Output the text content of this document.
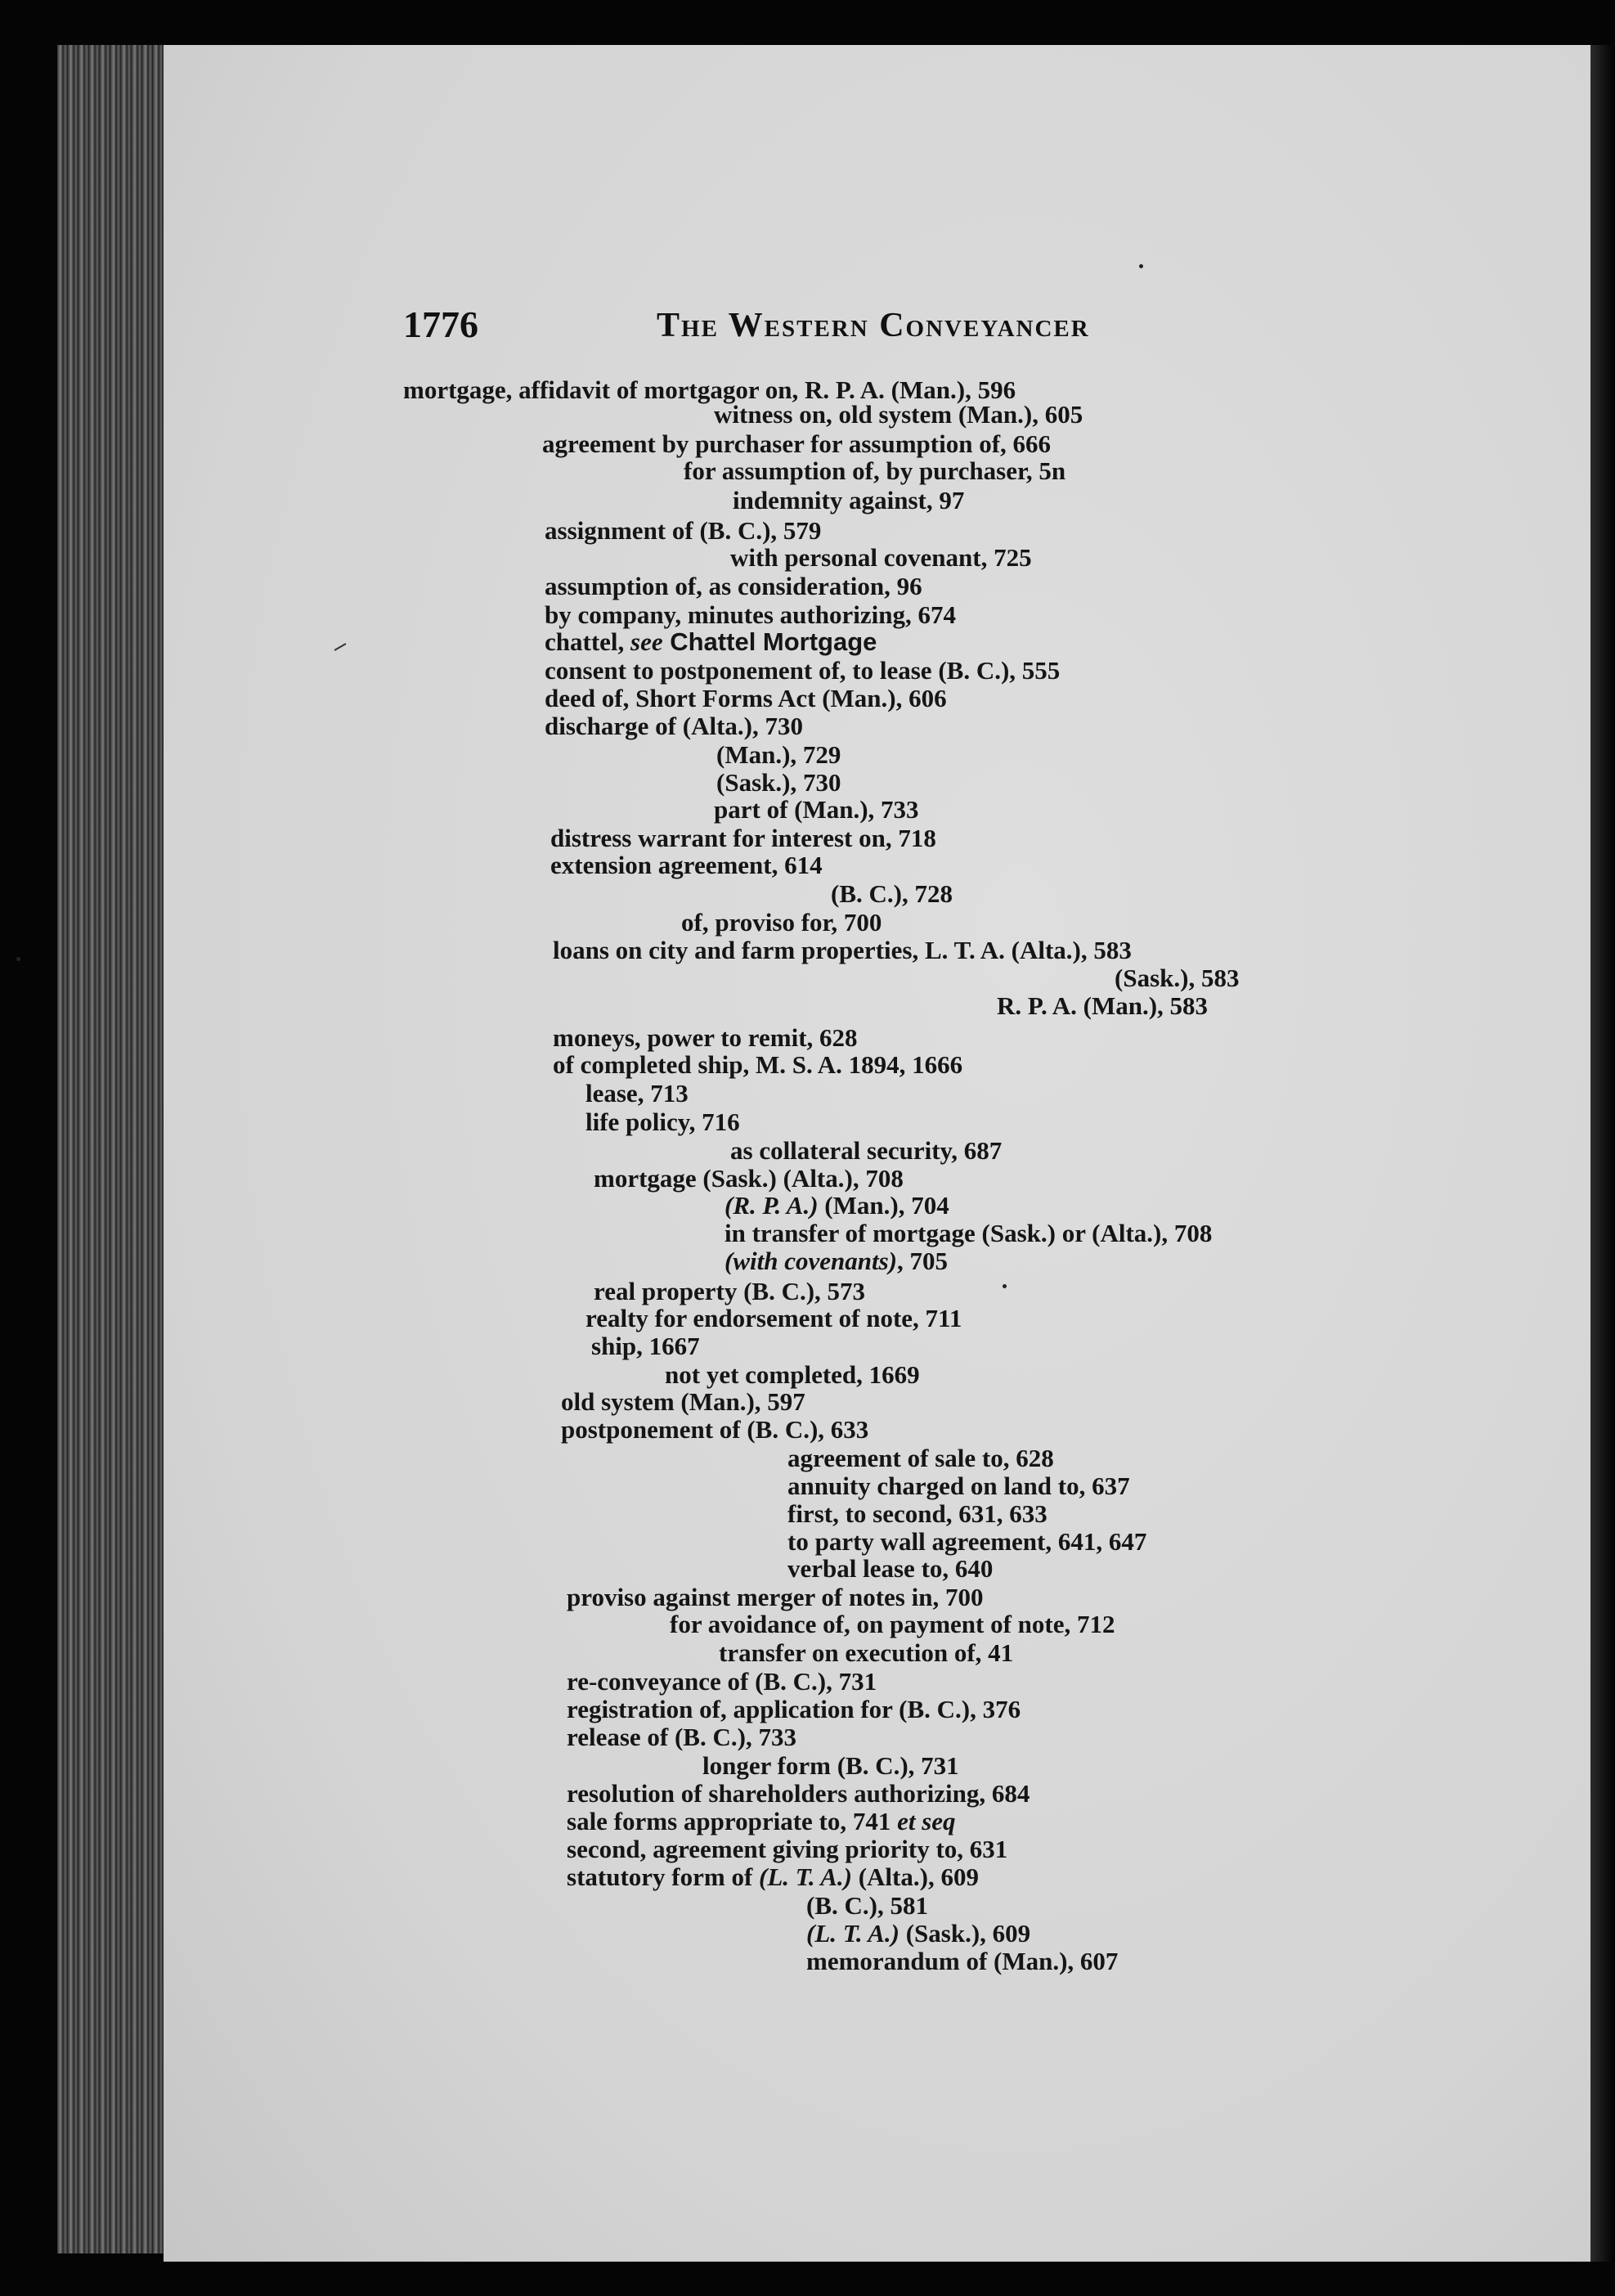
1776	The Western Conveyancer
mortgage, affidavit of mortgagor on, R. P. A. (Man.), 596
witness on, old system (Man.), 605
agreement by purchaser for assumption of, 666
for assumption of, by purchaser, 5n
indemnity against, 97
assignment of (B. C.), 579
with personal covenant, 725
assumption of, as consideration, 96
by company, minutes authorizing, 674
chattel, see Chattel Mortgage
consent to postponement of, to lease (B. C.), 555
deed of, Short Forms Act (Man.), 606
discharge of (Alta.), 730
(Man.), 729
(Sask.), 730
part of (Man.), 733
distress warrant for interest on, 718
extension agreement, 614
(B. C.), 728
of, proviso for, 700
loans on city and farm properties, L. T. A. (Alta.), 583
(Sask.), 583
R. P. A. (Man.), 583
moneys, power to remit, 628
of completed ship, M. S. A. 1894, 1666
lease, 713
life policy, 716
as collateral security, 687
mortgage (Sask.) (Alta.), 708
(R. P. A.) (Man.), 704
in transfer of mortgage (Sask.) or (Alta.), 708
(with covenants), 705
real property (B. C.), 573
realty for endorsement of note, 711
ship, 1667
not yet completed, 1669
old system (Man.), 597
postponement of (B. C.), 633
agreement of sale to, 628
annuity charged on land to, 637
first, to second, 631, 633
to party wall agreement, 641, 647
verbal lease to, 640
proviso against merger of notes in, 700
for avoidance of, on payment of note, 712
transfer on execution of, 41
re-conveyance of (B. C.), 731
registration of, application for (B. C.), 376
release of (B. C.), 733
longer form (B. C.), 731
resolution of shareholders authorizing, 684
sale forms appropriate to, 741 et seq
second, agreement giving priority to, 631
statutory form of (L. T. A.) (Alta.), 609
(B. C.), 581
(L. T. A.) (Sask.), 609
memorandum of (Man.), 607
